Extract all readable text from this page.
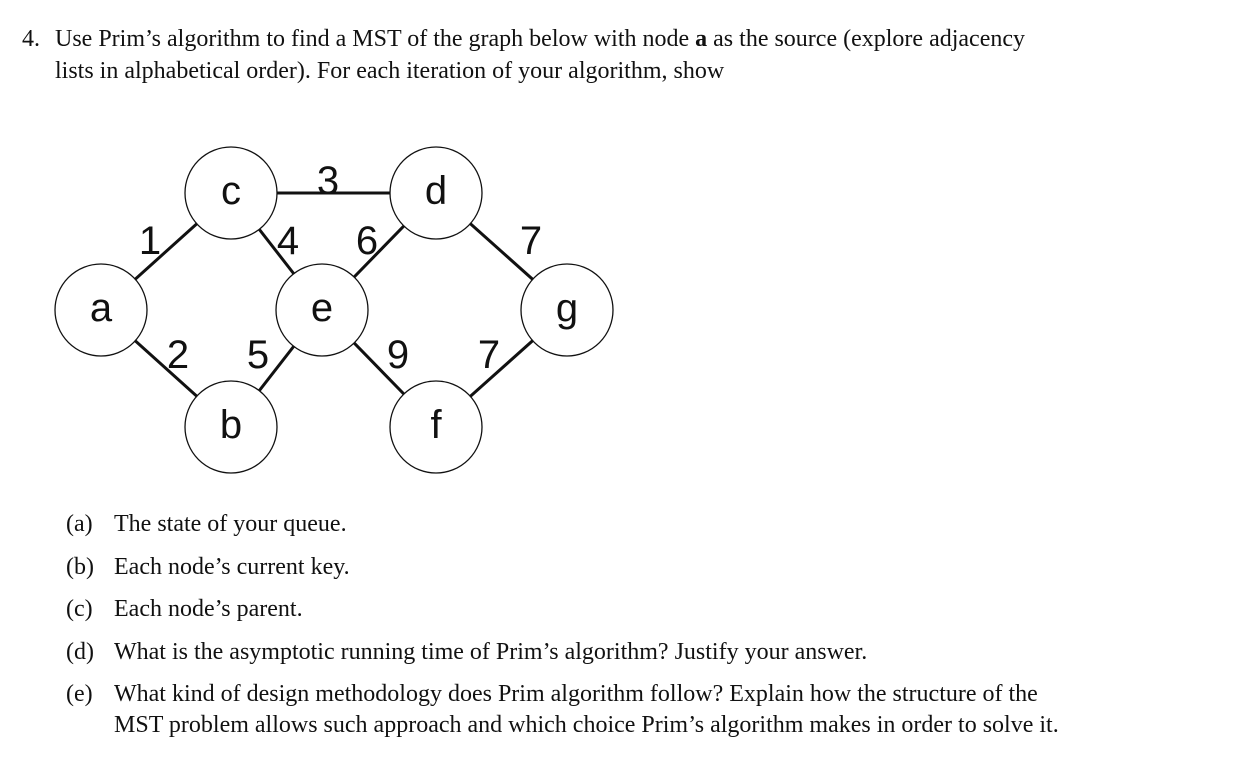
4. Use Prim’s algorithm to find a MST of the graph below with node a as the source (explore adjacency
lists in alphabetical order). For each iteration of your algorithm, show
1
2
3
4
5
6	7
9 7
a
b
c	d
e
f
g
(a) The state of your queue.
(b) Each node’s current key.
(c) Each node’s parent.
(d) What is the asymptotic running time of Prim’s algorithm? Justify your answer.
(e) What kind of design methodology does Prim algorithm follow? Explain how the structure of the
MST problem allows such approach and which choice Prim’s algorithm makes in order to solve it.
